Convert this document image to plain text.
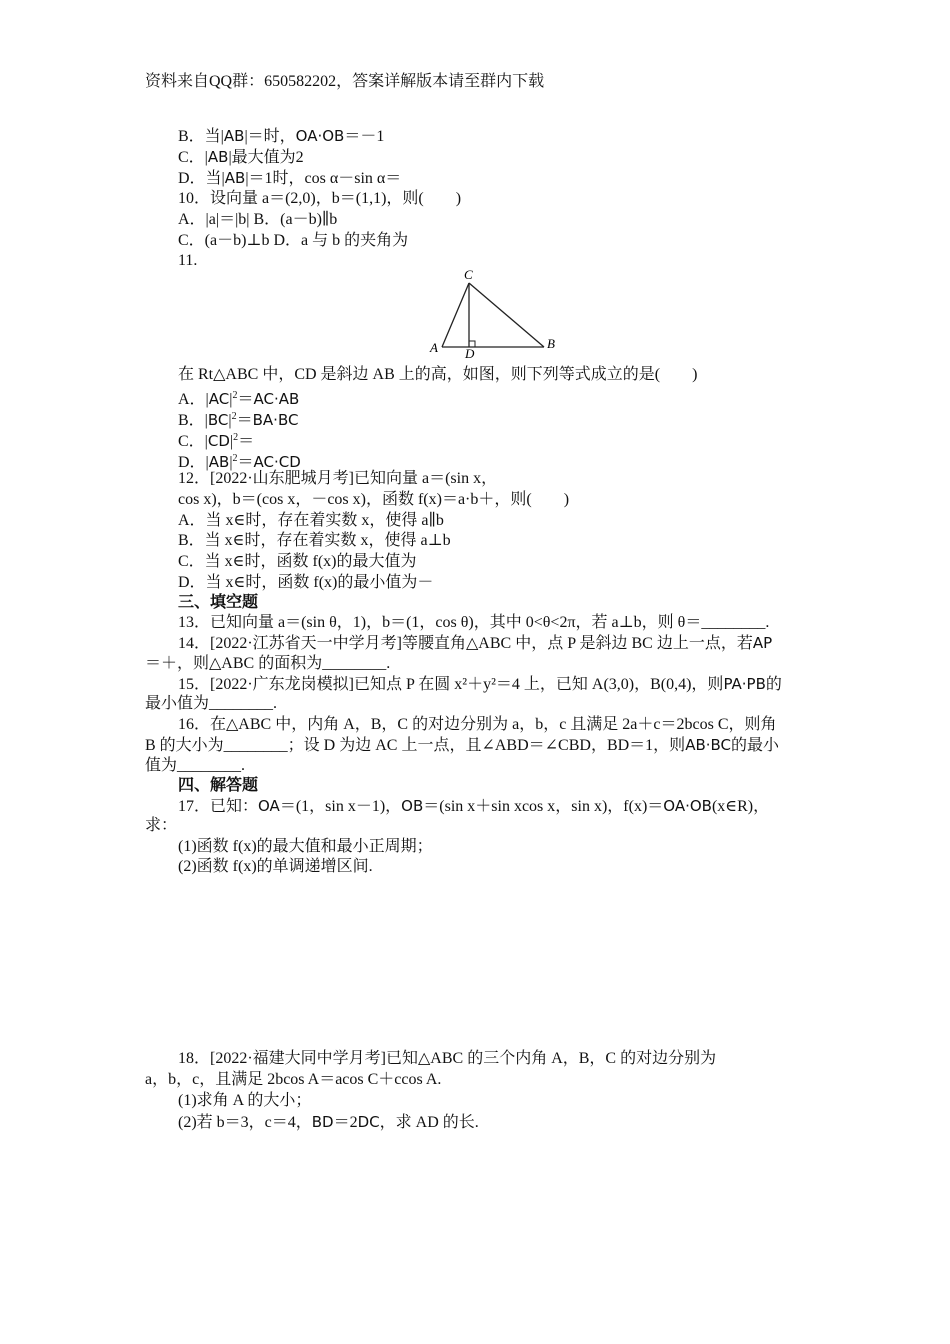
资料来自QQ群：650582202，答案详解版本请至群内下载
B．当|AB|＝时，OA·OB＝－1
C．|AB|最大值为2
D．当|AB|＝1时，cos α－sin α＝
10．设向量 a＝(2,0)，b＝(1,1)，则(　　)
A．|a|＝|b| B．(a－b)∥b
C．(a－b)⊥b D．a 与 b 的夹角为
11.
C
A D
B
在 Rt△ABC 中，CD 是斜边 AB 上的高，如图，则下列等式成立的是(　　)
A．$|AC|^2=AC\cdot AB$
B．$|BC|^2=BA\cdot BC$
C．$|CD|^2=$
D．$|AB|^2=AC\cdot CD$
12．[2022·山东肥城月考]已知向量 a＝(sin x，
cos x)，b＝(cos x，－cos x)，函数 f(x)＝a·b＋，则(　　)
A．当 x∈时，存在着实数 x，使得 a∥b
B．当 x∈时，存在着实数 x，使得 a⊥b
C．当 x∈时，函数 f(x)的最大值为
D．当 x∈时，函数 f(x)的最小值为－
三、填空题
13．已知向量 a＝(sin θ，1)，b＝(1，cos θ)，其中 0<θ<2π，若 a⊥b，则 θ＝________.
14．[2022·江苏省天一中学月考]等腰直角△ABC 中，点 P 是斜边 BC 边上一点，若AP
＝＋，则△ABC 的面积为________.
15．[2022·广东龙岗模拟]已知点 P 在圆 x²＋y²＝4 上，已知 A(3,0)，B(0,4)，则PA·PB的
最小值为________.
16．在△ABC 中，内角 A，B，C 的对边分别为 a，b，c 且满足 2a＋c＝2bcos C，则角
B 的大小为________；设 D 为边 AC 上一点，且∠ABD＝∠CBD，BD＝1，则AB·BC的最小
值为________.
四、解答题
17．已知：OA＝(1，sin x－1)，OB＝(sin x＋sin xcos x，sin x)，f(x)＝OA·OB(x∈R)，
求：
(1)函数 f(x)的最大值和最小正周期；
(2)函数 f(x)的单调递增区间.
18．[2022·福建大同中学月考]已知△ABC 的三个内角 A，B，C 的对边分别为
a，b，c，且满足 2bcos A＝acos C＋ccos A.
(1)求角 A 的大小；
(2)若 b＝3，c＝4，BD＝2DC，求 AD 的长.
